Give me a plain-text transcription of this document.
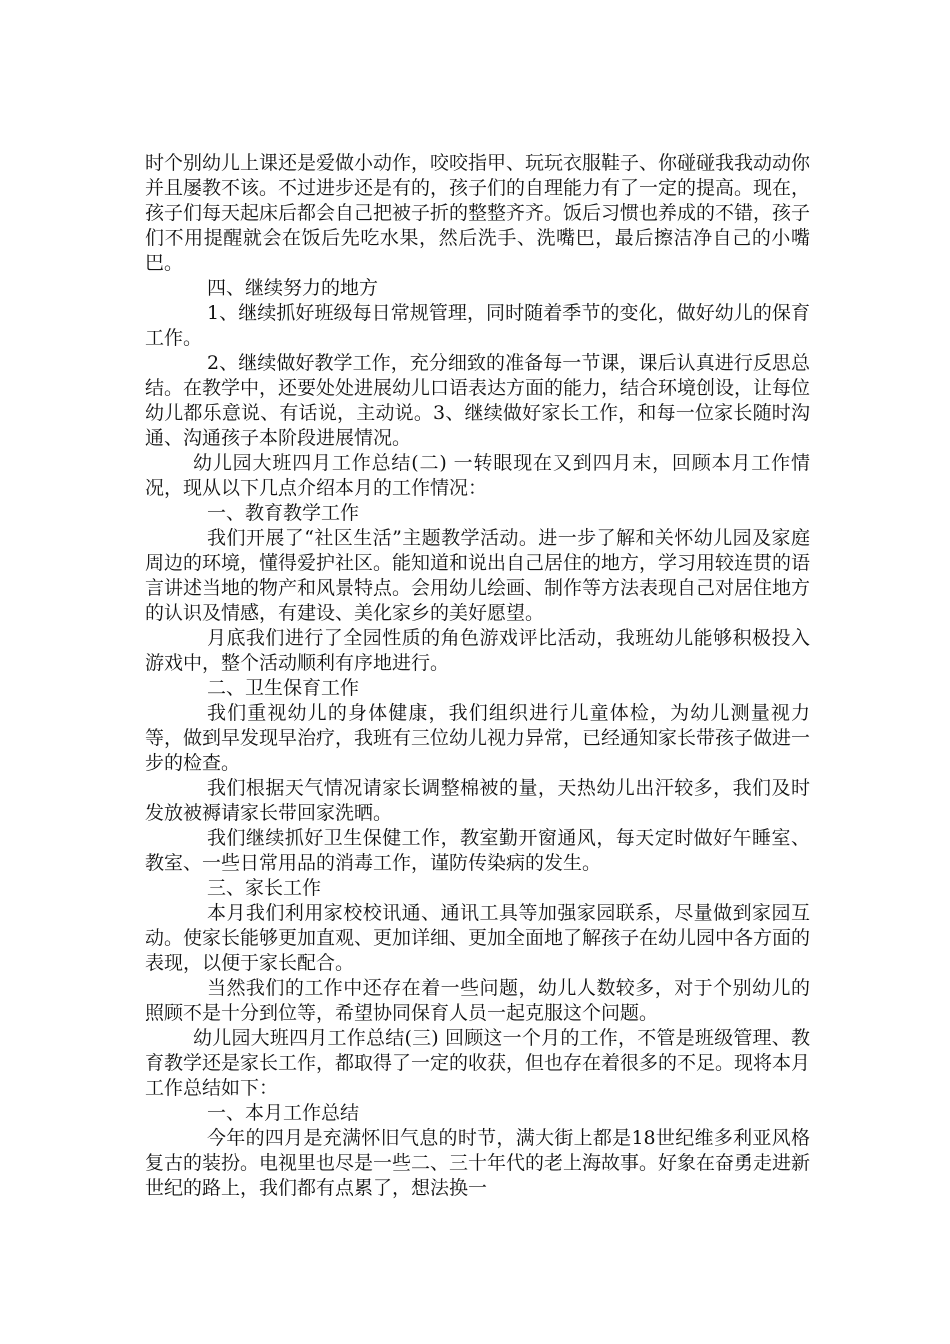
时个别幼儿上课还是爱做小动作，咬咬指甲、玩玩衣服鞋子、你碰碰我我动动你并且屡教不该。不过进步还是有的，孩子们的自理能力有了一定的提高。现在，孩子们每天起床后都会自己把被子折的整整齐齐。饭后习惯也养成的不错，孩子们不用提醒就会在饭后先吃水果，然后洗手、洗嘴巴，最后擦洁净自己的小嘴巴。

四、继续努力的地方

1、继续抓好班级每日常规管理，同时随着季节的变化，做好幼儿的保育工作。

2、继续做好教学工作，充分细致的准备每一节课，课后认真进行反思总结。在教学中，还要处处进展幼儿口语表达方面的能力，结合环境创设，让每位幼儿都乐意说、有话说，主动说。3、继续做好家长工作，和每一位家长随时沟通、沟通孩子本阶段进展情况。

幼儿园大班四月工作总结(二) 一转眼现在又到四月末，回顾本月工作情况，现从以下几点介绍本月的工作情况：

一、教育教学工作

我们开展了“社区生活”主题教学活动。进一步了解和关怀幼儿园及家庭周边的环境，懂得爱护社区。能知道和说出自己居住的地方，学习用较连贯的语言讲述当地的物产和风景特点。会用幼儿绘画、制作等方法表现自己对居住地方的认识及情感，有建设、美化家乡的美好愿望。

月底我们进行了全园性质的角色游戏评比活动，我班幼儿能够积极投入游戏中，整个活动顺利有序地进行。

二、卫生保育工作

我们重视幼儿的身体健康，我们组织进行儿童体检，为幼儿测量视力等，做到早发现早治疗，我班有三位幼儿视力异常，已经通知家长带孩子做进一步的检查。

我们根据天气情况请家长调整棉被的量，天热幼儿出汗较多，我们及时发放被褥请家长带回家洗晒。

我们继续抓好卫生保健工作，教室勤开窗通风，每天定时做好午睡室、教室、一些日常用品的消毒工作，谨防传染病的发生。

三、家长工作

本月我们利用家校校讯通、通讯工具等加强家园联系，尽量做到家园互动。使家长能够更加直观、更加详细、更加全面地了解孩子在幼儿园中各方面的表现，以便于家长配合。

当然我们的工作中还存在着一些问题，幼儿人数较多，对于个别幼儿的照顾不是十分到位等，希望协同保育人员一起克服这个问题。

幼儿园大班四月工作总结(三) 回顾这一个月的工作，不管是班级管理、教育教学还是家长工作，都取得了一定的收获，但也存在着很多的不足。现将本月工作总结如下：

一、本月工作总结

今年的四月是充满怀旧气息的时节，满大街上都是18世纪维多利亚风格复古的装扮。电视里也尽是一些二、三十年代的老上海故事。好象在奋勇走进新世纪的路上，我们都有点累了，想法换一
